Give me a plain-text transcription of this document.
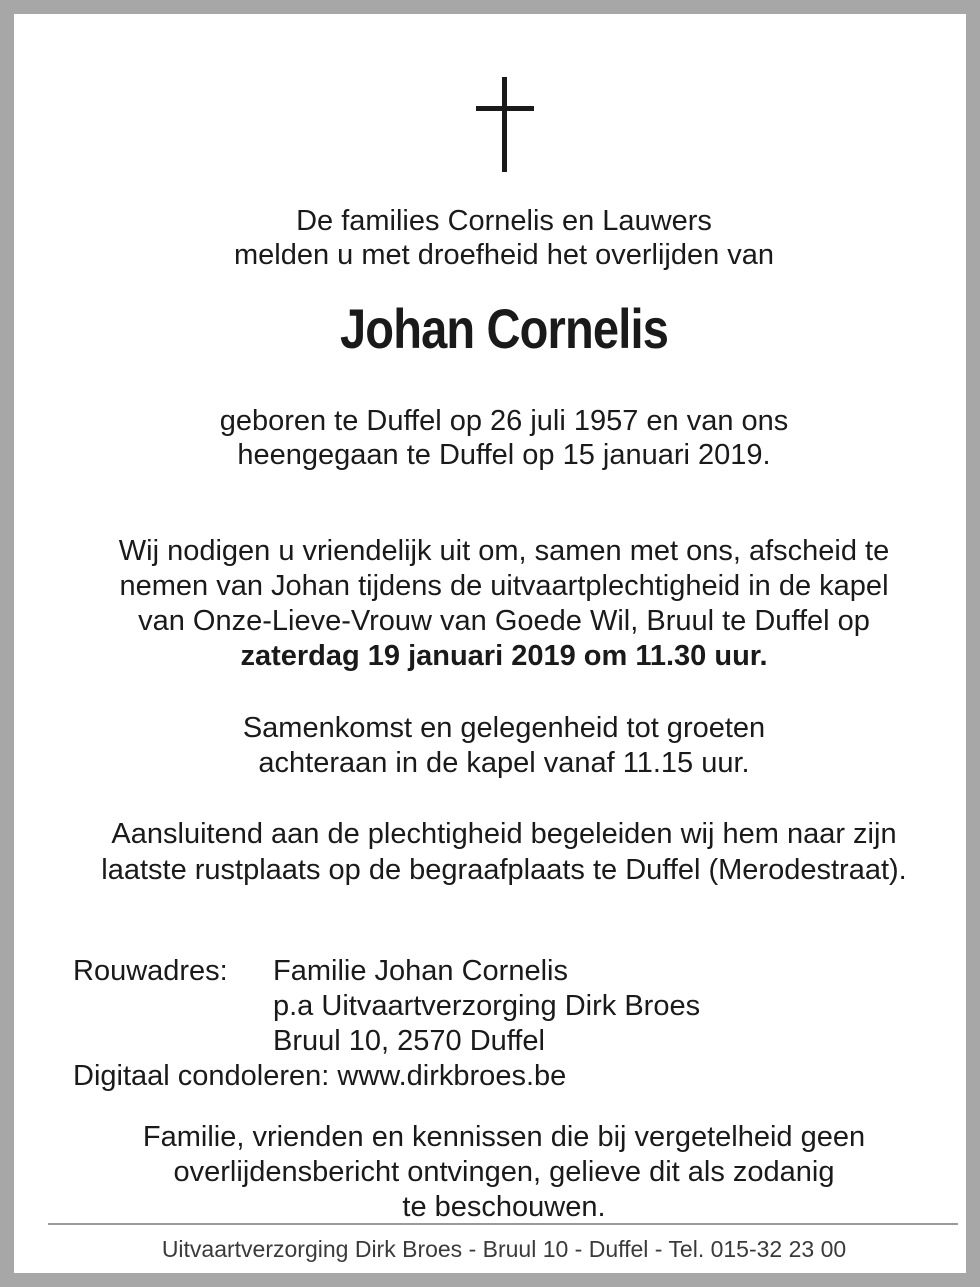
De families Cornelis en Lauwers
melden u met droefheid het overlijden van
Johan Cornelis
geboren te Duffel op 26 juli 1957 en van ons
heengegaan te Duffel op 15 januari 2019.
Wij nodigen u vriendelijk uit om, samen met ons, afscheid te
nemen van Johan tijdens de uitvaartplechtigheid in de kapel
van Onze-Lieve-Vrouw van Goede Wil, Bruul te Duffel op
zaterdag 19 januari 2019 om 11.30 uur.
Samenkomst en gelegenheid tot groeten
achteraan in de kapel vanaf 11.15 uur.
Aansluitend aan de plechtigheid begeleiden wij hem naar zijn
laatste rustplaats op de begraafplaats te Duffel (Merodestraat).
Rouwadres: Familie Johan Cornelis
p.a Uitvaartverzorging Dirk Broes
Bruul 10, 2570 Duffel
Digitaal condoleren: www.dirkbroes.be
Familie, vrienden en kennissen die bij vergetelheid geen
overlijdensbericht ontvingen, gelieve dit als zodanig
te beschouwen.
Uitvaartverzorging Dirk Broes - Bruul 10 - Duffel - Tel. 015-32 23 00
